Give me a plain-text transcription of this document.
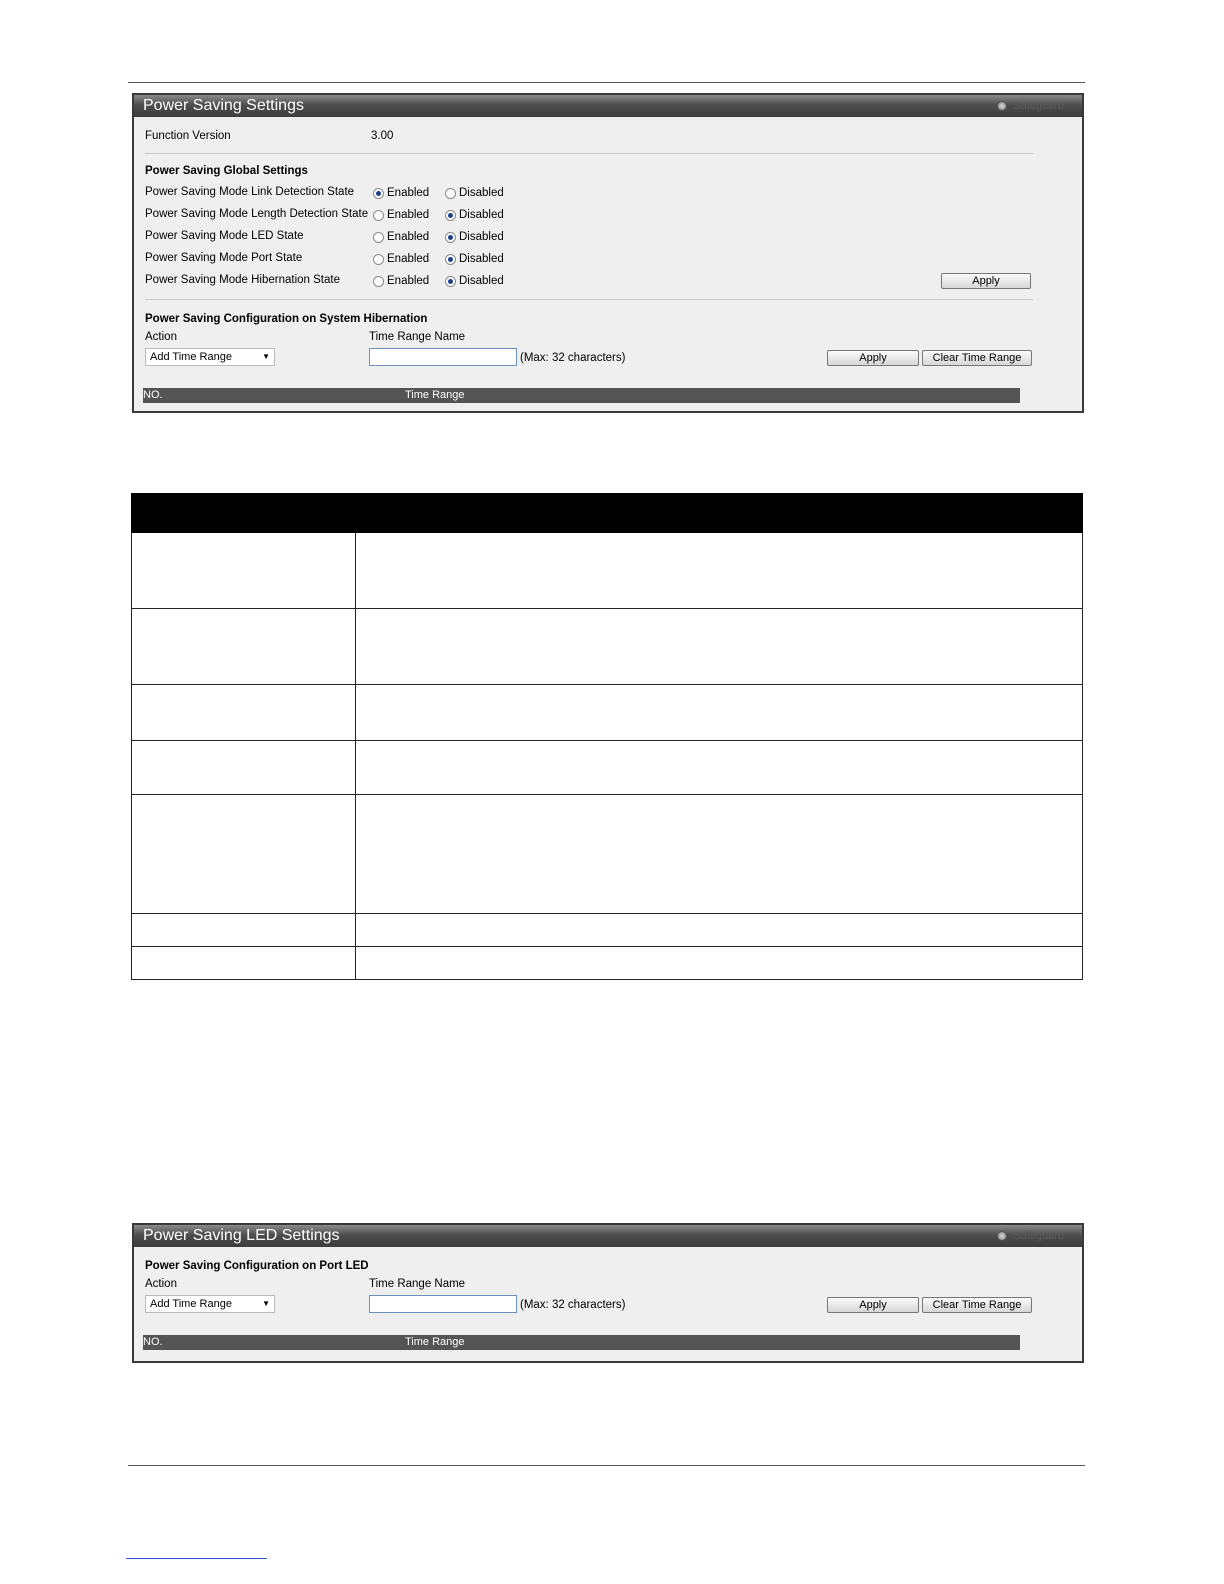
Power Saving Settings	Safeguard
Function Version	3.00
Power Saving Global Settings
Power Saving Mode Link Detection State	Enabled	Disabled
Power Saving Mode Length Detection State Enabled	Disabled
Power Saving Mode LED State	Enabled	Disabled
Power Saving Mode Port State	Enabled	Disabled
Power Saving Mode Hibernation State	Enabled	Disabled	Apply
Power Saving Configuration on System Hibernation
Action	Time Range Name
Add Time Range	▼	(Max: 32 characters)	Apply	Clear Time Range
NO.	Time Range

Power Saving LED Settings	Safeguard
Power Saving Configuration on Port LED
Action	Time Range Name
Add Time Range	▼	(Max: 32 characters)	Apply	Clear Time Range
NO.	Time Range
